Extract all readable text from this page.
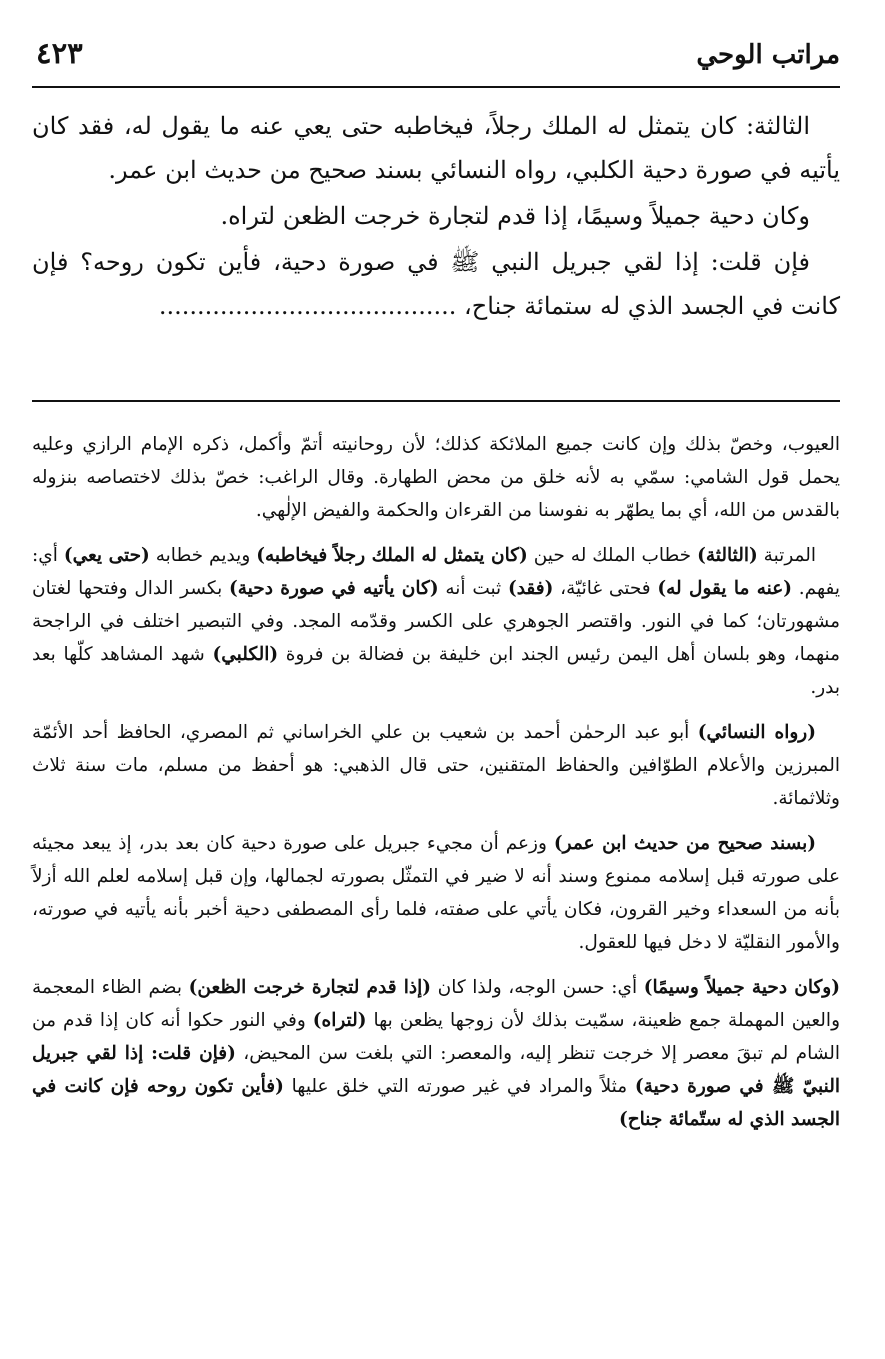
مراتب الوحي
٤٢٣

الثالثة: كان يتمثل له الملك رجلاً، فيخاطبه حتى يعي عنه ما يقول له، فقد كان يأتيه في صورة دحية الكلبي، رواه النسائي بسند صحيح من حديث ابن عمر.

وكان دحية جميلاً وسيمًا، إذا قدم لتجارة خرجت الظعن لتراه.

فإن قلت: إذا لقي جبريل النبي ﷺ في صورة دحية، فأين تكون روحه؟ فإن كانت في الجسد الذي له ستمائة جناح، .......................................

العيوب، وخصّ بذلك وإن كانت جميع الملائكة كذلك؛ لأن روحانيته أتمّ وأكمل، ذكره الإمام الرازي وعليه يحمل قول الشامي: سمّي به لأنه خلق من محض الطهارة. وقال الراغب: خصّ بذلك لاختصاصه بنزوله بالقدس من الله، أي بما يطهّر به نفوسنا من القرءان والحكمة والفيض الإلٰهي.

المرتبة (الثالثة) خطاب الملك له حين (كان يتمثل له الملك رجلاً فيخاطبه) ويديم خطابه (حتى يعي) أي: يفهم. (عنه ما يقول له) فحتى غائيّة، (فقد) ثبت أنه (كان يأتيه في صورة دحية) بكسر الدال وفتحها لغتان مشهورتان؛ كما في النور. واقتصر الجوهري على الكسر وقدّمه المجد. وفي التبصير اختلف في الراجحة منهما، وهو بلسان أهل اليمن رئيس الجند ابن خليفة بن فضالة بن فروة (الكلبي) شهد المشاهد كلّها بعد بدر.

(رواه النسائي) أبو عبد الرحمٰن أحمد بن شعيب بن علي الخراساني ثم المصري، الحافظ أحد الأئمّة المبرزين والأعلام الطوّافين والحفاظ المتقنين، حتى قال الذهبي: هو أحفظ من مسلم، مات سنة ثلاث وثلاثمائة.

(بسند صحيح من حديث ابن عمر) وزعم أن مجيء جبريل على صورة دحية كان بعد بدر، إذ يبعد مجيئه على صورته قبل إسلامه ممنوع وسند أنه لا ضير في التمثّل بصورته لجمالها، وإن قبل إسلامه لعلم الله أزلاً بأنه من السعداء وخير القرون، فكان يأتي على صفته، فلما رأى المصطفى دحية أخبر بأنه يأتيه في صورته، والأمور النقليّة لا دخل فيها للعقول.

(وكان دحية جميلاً وسيمًا) أي: حسن الوجه، ولذا كان (إذا قدم لتجارة خرجت الظعن) بضم الظاء المعجمة والعين المهملة جمع ظعينة، سمّيت بذلك لأن زوجها يظعن بها (لتراه) وفي النور حكوا أنه كان إذا قدم من الشام لم تبقَ معصر إلا خرجت تنظر إليه، والمعصر: التي بلغت سن المحيض، (فإن قلت: إذا لقي جبريل النبيّ ﷺ في صورة دحية) مثلاً والمراد في غير صورته التي خلق عليها (فأين تكون روحه فإن كانت في الجسد الذي له ستّمائة جناح)
